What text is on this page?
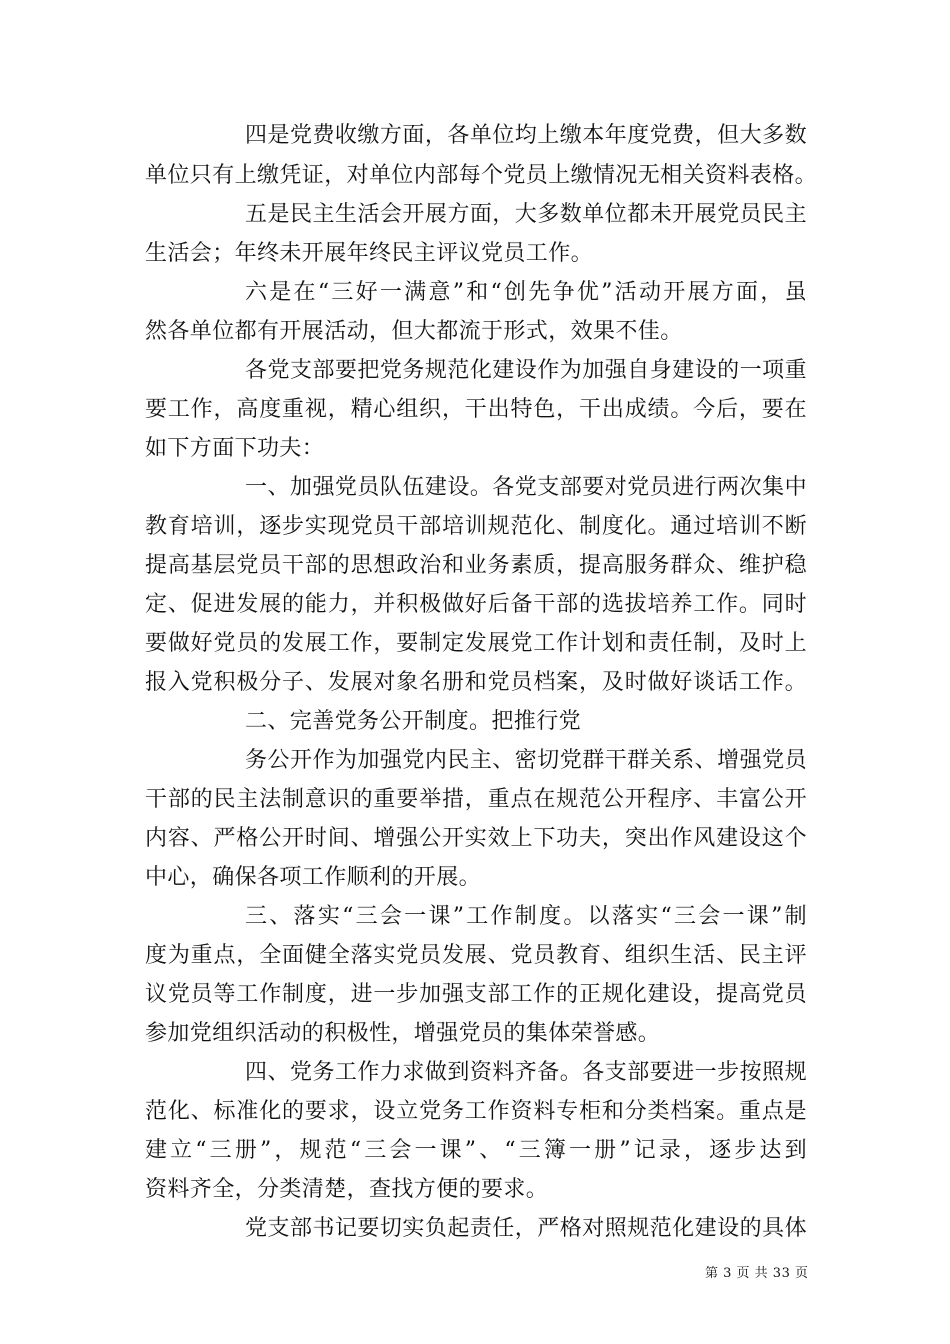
四是党费收缴方面，各单位均上缴本年度党费，但大多数
单位只有上缴凭证，对单位内部每个党员上缴情况无相关资料表格。
五是民主生活会开展方面，大多数单位都未开展党员民主
生活会；年终未开展年终民主评议党员工作。
六是在“三好一满意”和“创先争优”活动开展方面，虽
然各单位都有开展活动，但大都流于形式，效果不佳。
各党支部要把党务规范化建设作为加强自身建设的一项重
要工作，高度重视，精心组织，干出特色，干出成绩。今后，要在
如下方面下功夫：
一、加强党员队伍建设。各党支部要对党员进行两次集中
教育培训，逐步实现党员干部培训规范化、制度化。通过培训不断
提高基层党员干部的思想政治和业务素质，提高服务群众、维护稳
定、促进发展的能力，并积极做好后备干部的选拔培养工作。同时
要做好党员的发展工作，要制定发展党工作计划和责任制，及时上
报入党积极分子、发展对象名册和党员档案，及时做好谈话工作。
二、完善党务公开制度。把推行党
务公开作为加强党内民主、密切党群干群关系、增强党员
干部的民主法制意识的重要举措，重点在规范公开程序、丰富公开
内容、严格公开时间、增强公开实效上下功夫，突出作风建设这个
中心，确保各项工作顺利的开展。
三、落实“三会一课”工作制度。以落实“三会一课”制
度为重点，全面健全落实党员发展、党员教育、组织生活、民主评
议党员等工作制度，进一步加强支部工作的正规化建设，提高党员
参加党组织活动的积极性，增强党员的集体荣誉感。
四、党务工作力求做到资料齐备。各支部要进一步按照规
范化、标准化的要求，设立党务工作资料专柜和分类档案。重点是
建立“三册”，规范“三会一课”、“三簿一册”记录，逐步达到
资料齐全，分类清楚，查找方便的要求。
党支部书记要切实负起责任，严格对照规范化建设的具体
第 3 页 共 33 页
